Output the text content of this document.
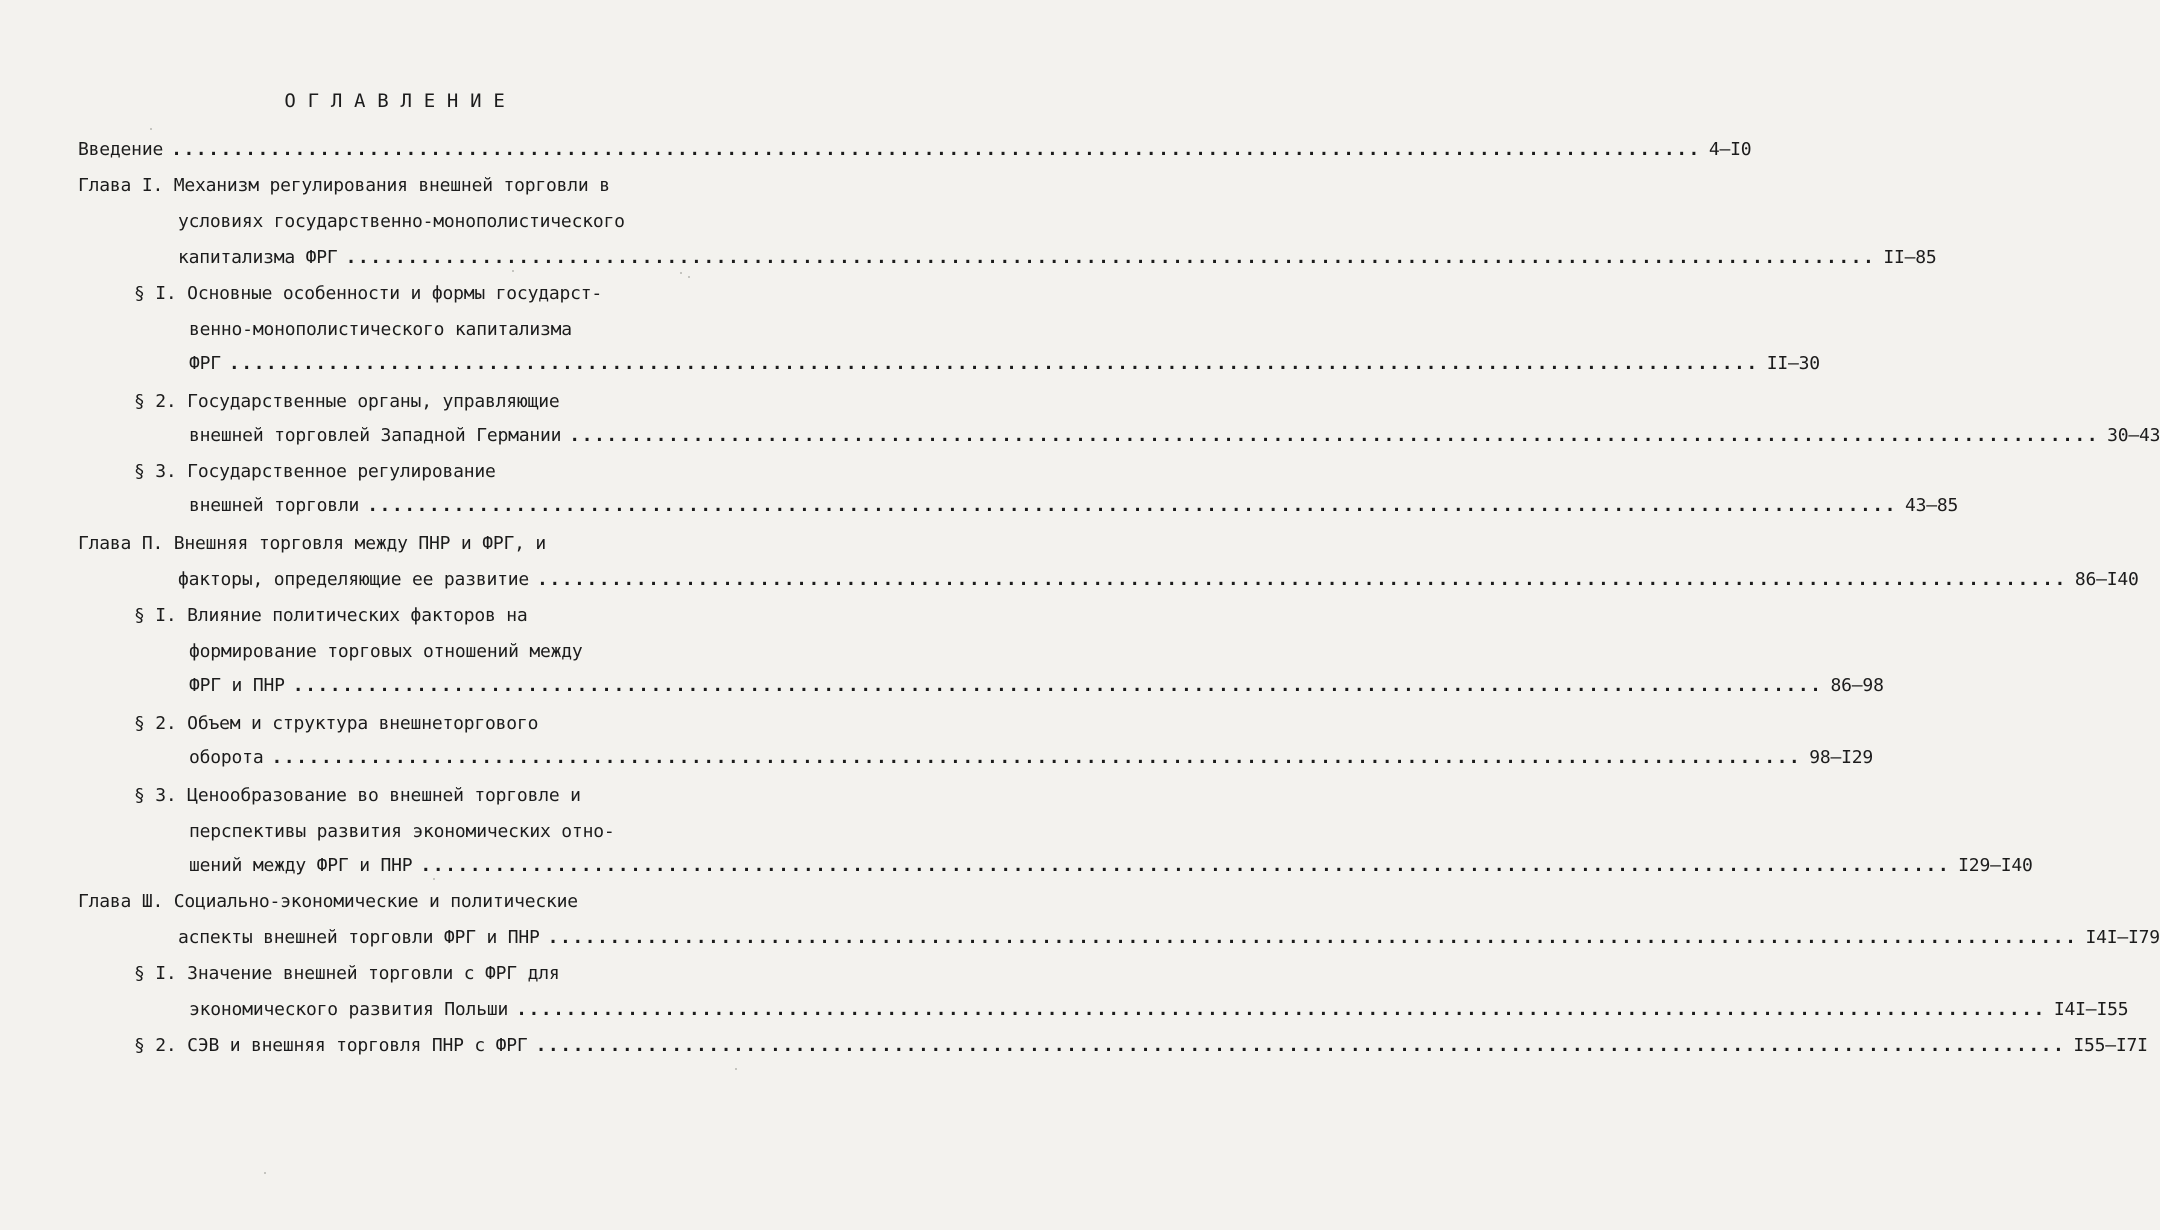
ОГЛАВЛЕНИЕ
Введение ............................................................................................................................ 4–I0
Глава I. Механизм регулирования внешней торговли в
условиях государственно-монополистического
капитализма ФРГ ............................................................................................................................ II–85
§ I. Основные особенности и формы государст-
венно-монополистического капитализма
ФРГ ............................................................................................................................ II–30
§ 2. Государственные органы, управляющие
внешней торговлей Западной Германии ............................................................................................................................ 30–43
§ 3. Государственное регулирование
внешней торговли ............................................................................................................................ 43–85
Глава П. Внешняя торговля между ПНР и ФРГ, и
факторы, определяющие ее развитие ............................................................................................................................ 86–I40
§ I. Влияние политических факторов на
формирование торговых отношений между
ФРГ и ПНР ............................................................................................................................ 86–98
§ 2. Объем и структура внешнеторгового
оборота ............................................................................................................................ 98–I29
§ 3. Ценообразование во внешней торговле и
перспективы развития экономических отно-
шений между ФРГ и ПНР ............................................................................................................................ I29–I40
Глава Ш. Социально-экономические и политические
аспекты внешней торговли ФРГ и ПНР ............................................................................................................................ I4I–I79
§ I. Значение внешней торговли с ФРГ для
экономического развития Польши ............................................................................................................................ I4I–I55
§ 2. СЭВ и внешняя торговля ПНР с ФРГ ............................................................................................................................ I55–I7I
